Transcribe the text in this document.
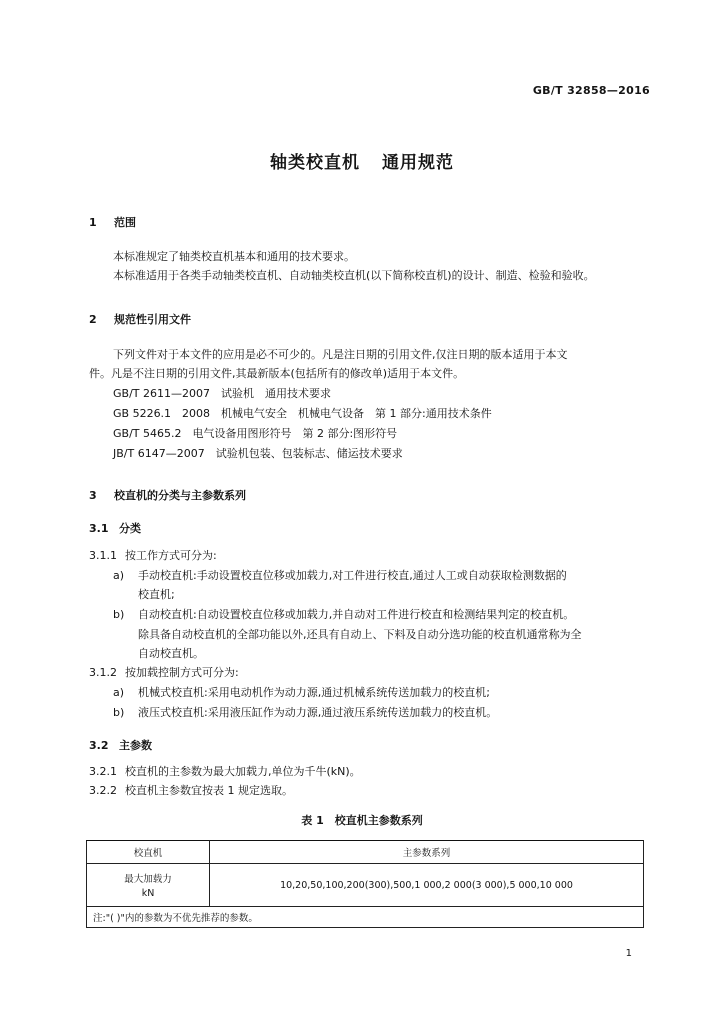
GB/T 32858—2016
轴类校直机 通用规范
1 范围
本标准规定了轴类校直机基本和通用的技术要求。
本标准适用于各类手动轴类校直机、自动轴类校直机(以下简称校直机)的设计、制造、检验和验收。
2 规范性引用文件
下列文件对于本文件的应用是必不可少的。凡是注日期的引用文件,仅注日期的版本适用于本文
件。凡是不注日期的引用文件,其最新版本(包括所有的修改单)适用于本文件。
GB/T 2611—2007　试验机　通用技术要求
GB 5226.1　2008　机械电气安全　机械电气设备　第 1 部分:通用技术条件
GB/T 5465.2　电气设备用图形符号　第 2 部分:图形符号
JB/T 6147—2007　试验机包装、包装标志、储运技术要求
3 校直机的分类与主参数系列
3.1 分类
3.1.1 按工作方式可分为:
a) 手动校直机:手动设置校直位移或加载力,对工件进行校直,通过人工或自动获取检测数据的
校直机;
b) 自动校直机:自动设置校直位移或加载力,并自动对工件进行校直和检测结果判定的校直机。
除具备自动校直机的全部功能以外,还具有自动上、下料及自动分选功能的校直机通常称为全
自动校直机。
3.1.2 按加载控制方式可分为:
a) 机械式校直机:采用电动机作为动力源,通过机械系统传送加载力的校直机;
b) 液压式校直机:采用液压缸作为动力源,通过液压系统传送加载力的校直机。
3.2 主参数
3.2.1 校直机的主参数为最大加载力,单位为千牛(kN)。
3.2.2 校直机主参数宜按表 1 规定选取。
表 1　校直机主参数系列
校直机	主参数系列

最大加载力
kN	10,20,50,100,200(300),500,1 000,2 000(3 000),5 000,10 000
注:"( )"内的参数为不优先推荐的参数。	
1
